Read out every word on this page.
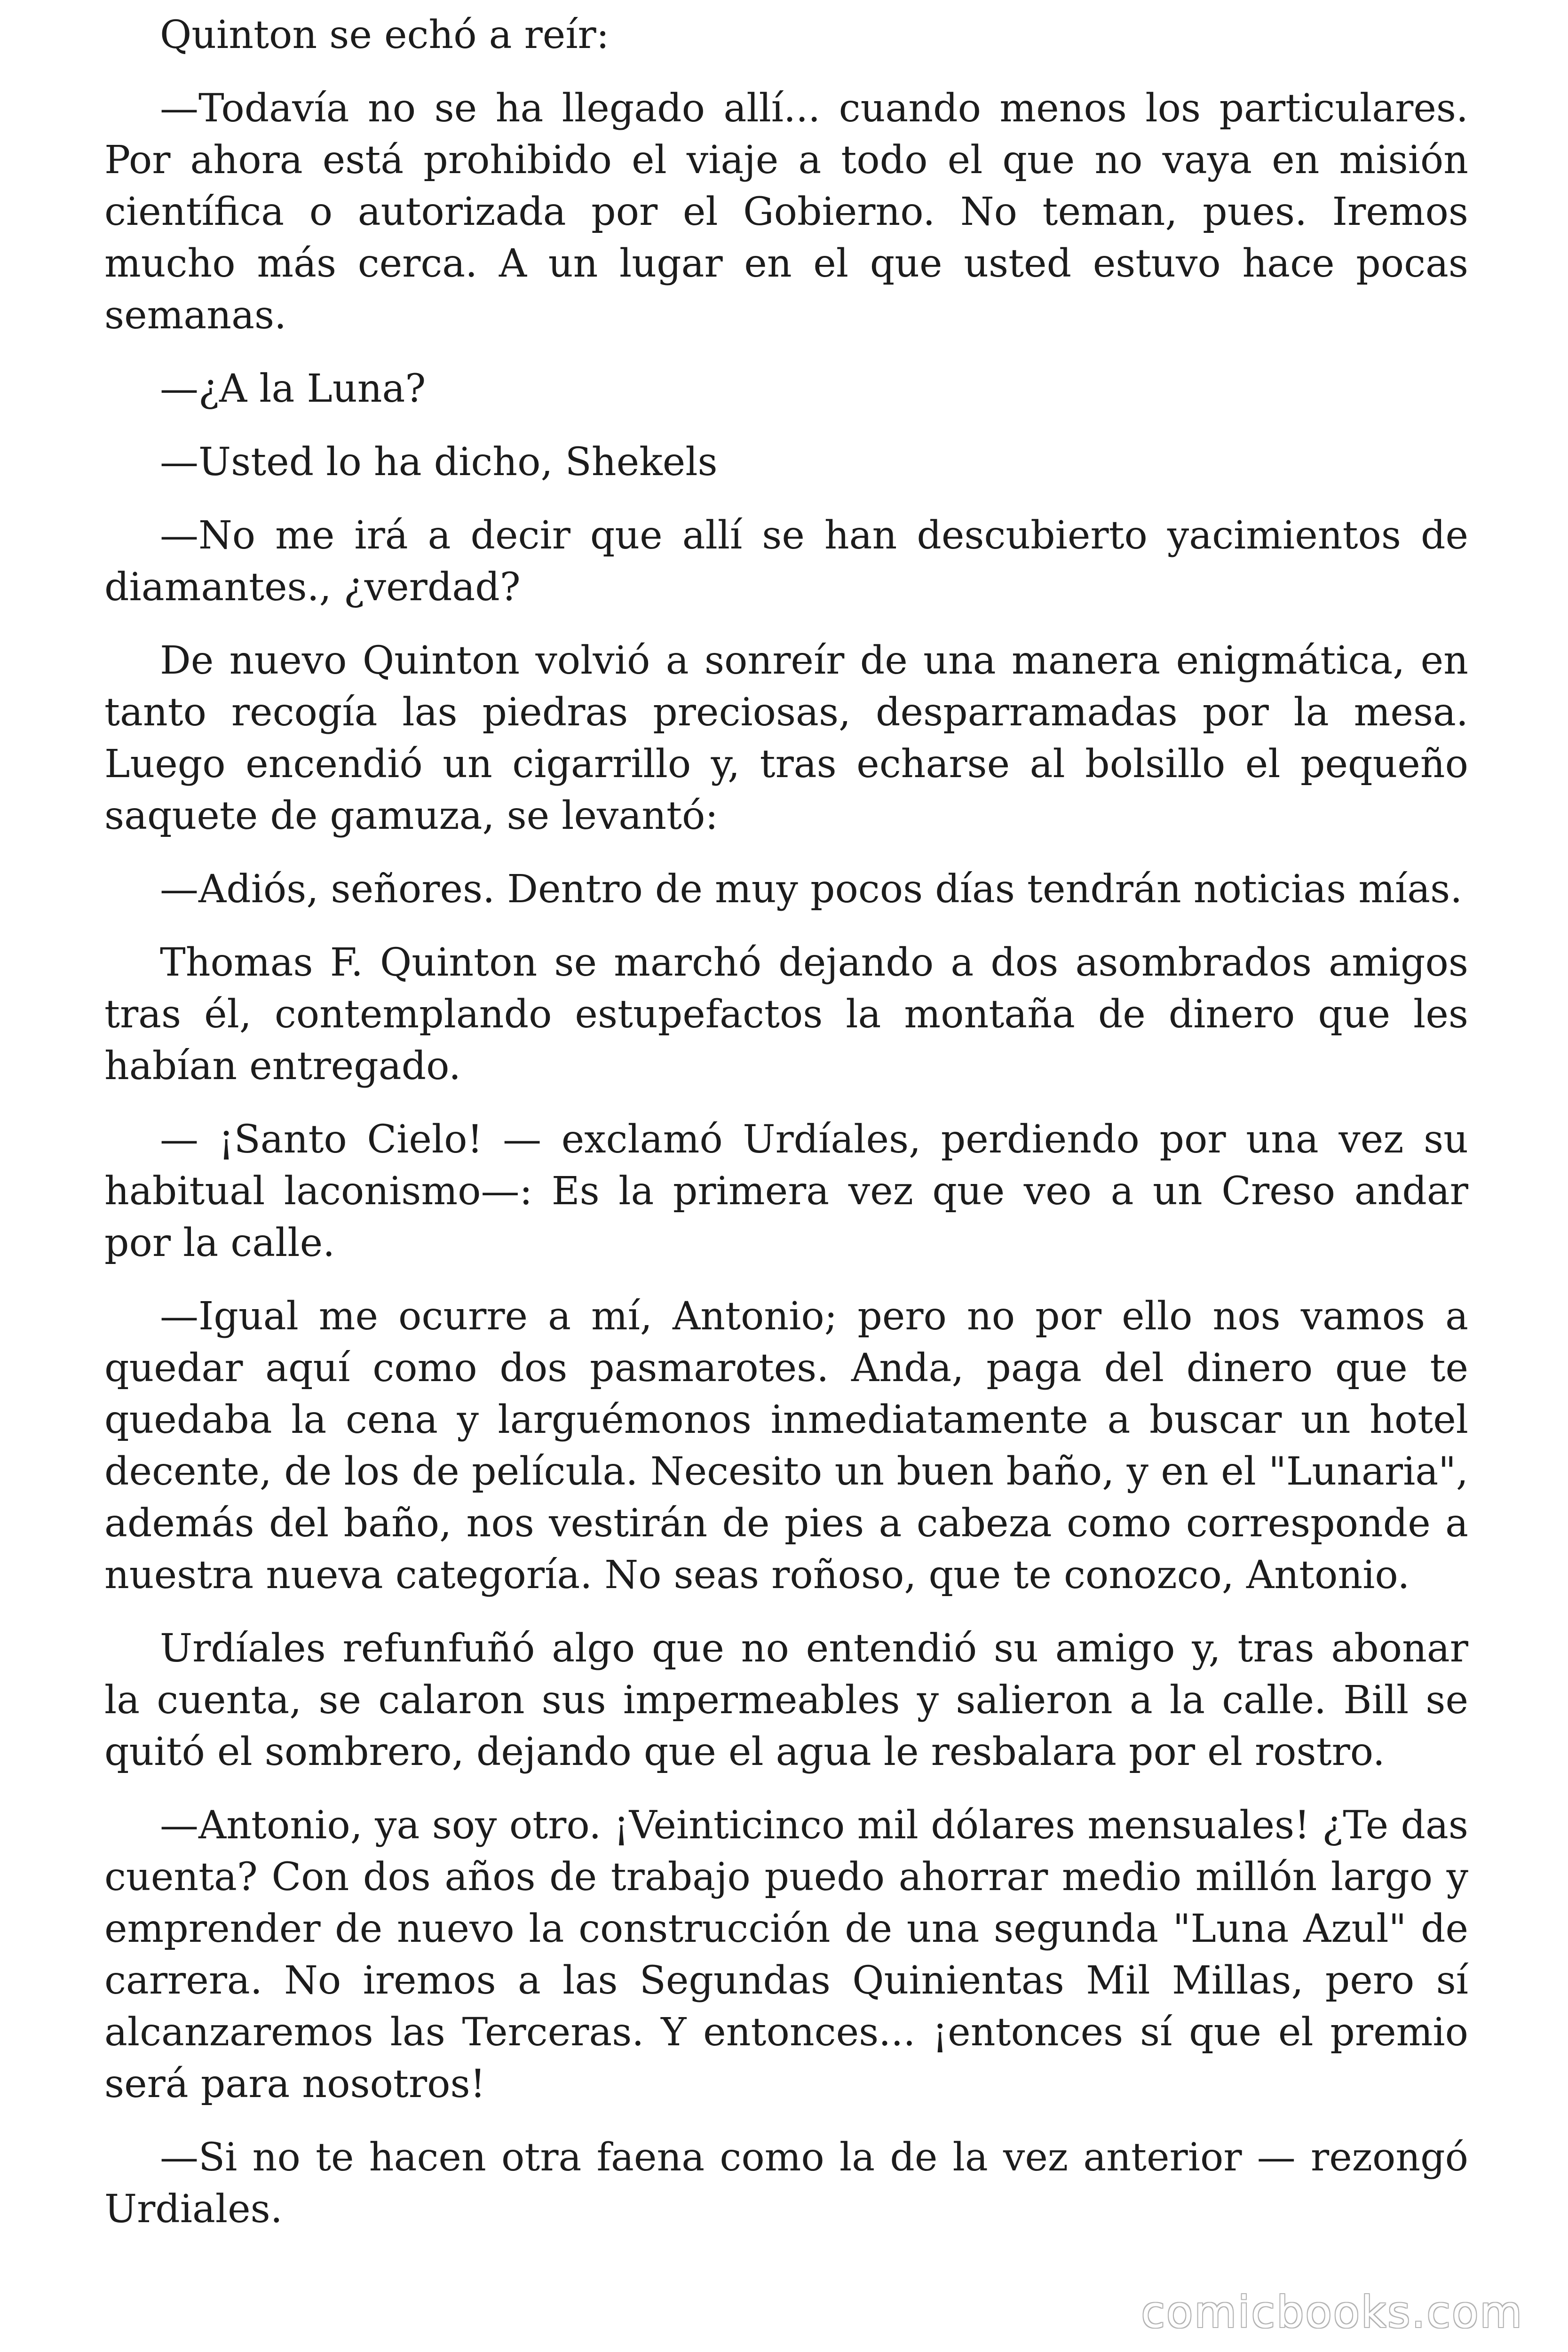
Quinton se echó a reír:

—Todavía no se ha llegado allí... cuando menos los particulares. Por ahora está prohibido el viaje a todo el que no vaya en misión científica o autorizada por el Gobierno. No teman, pues. Iremos mucho más cerca. A un lugar en el que usted estuvo hace pocas semanas.

—¿A la Luna?

—Usted lo ha dicho, Shekels

—No me irá a decir que allí se han descubierto yacimientos de diamantes., ¿verdad?

De nuevo Quinton volvió a sonreír de una manera enigmática, en tanto recogía las piedras preciosas, desparramadas por la mesa. Luego encendió un cigarrillo y, tras echarse al bolsillo el pequeño saquete de gamuza, se levantó:

—Adiós, señores. Dentro de muy pocos días tendrán noticias mías.

Thomas F. Quinton se marchó dejando a dos asombrados amigos tras él, contemplando estupefactos la montaña de dinero que les habían entregado.

— ¡Santo Cielo! — exclamó Urdíales, perdiendo por una vez su habitual laconismo—: Es la primera vez que veo a un Creso andar por la calle.

—Igual me ocurre a mí, Antonio; pero no por ello nos vamos a quedar aquí como dos pasmarotes. Anda, paga del dinero que te quedaba la cena y larguémonos inmediatamente a buscar un hotel decente, de los de película. Necesito un buen baño, y en el "Lunaria", además del baño, nos vestirán de pies a cabeza como corresponde a nuestra nueva categoría. No seas roñoso, que te conozco, Antonio.

Urdíales refunfuñó algo que no entendió su amigo y, tras abonar la cuenta, se calaron sus impermeables y salieron a la calle. Bill se quitó el sombrero, dejando que el agua le resbalara por el rostro.

—Antonio, ya soy otro. ¡Veinticinco mil dólares mensuales! ¿Te das cuenta? Con dos años de trabajo puedo ahorrar medio millón largo y emprender de nuevo la construcción de una segunda "Luna Azul" de carrera. No iremos a las Segundas Quinientas Mil Millas, pero sí alcanzaremos las Terceras. Y entonces... ¡entonces sí que el premio será para nosotros!

—Si no te hacen otra faena como la de la vez anterior — rezongó Urdiales.

comicbooks.com
